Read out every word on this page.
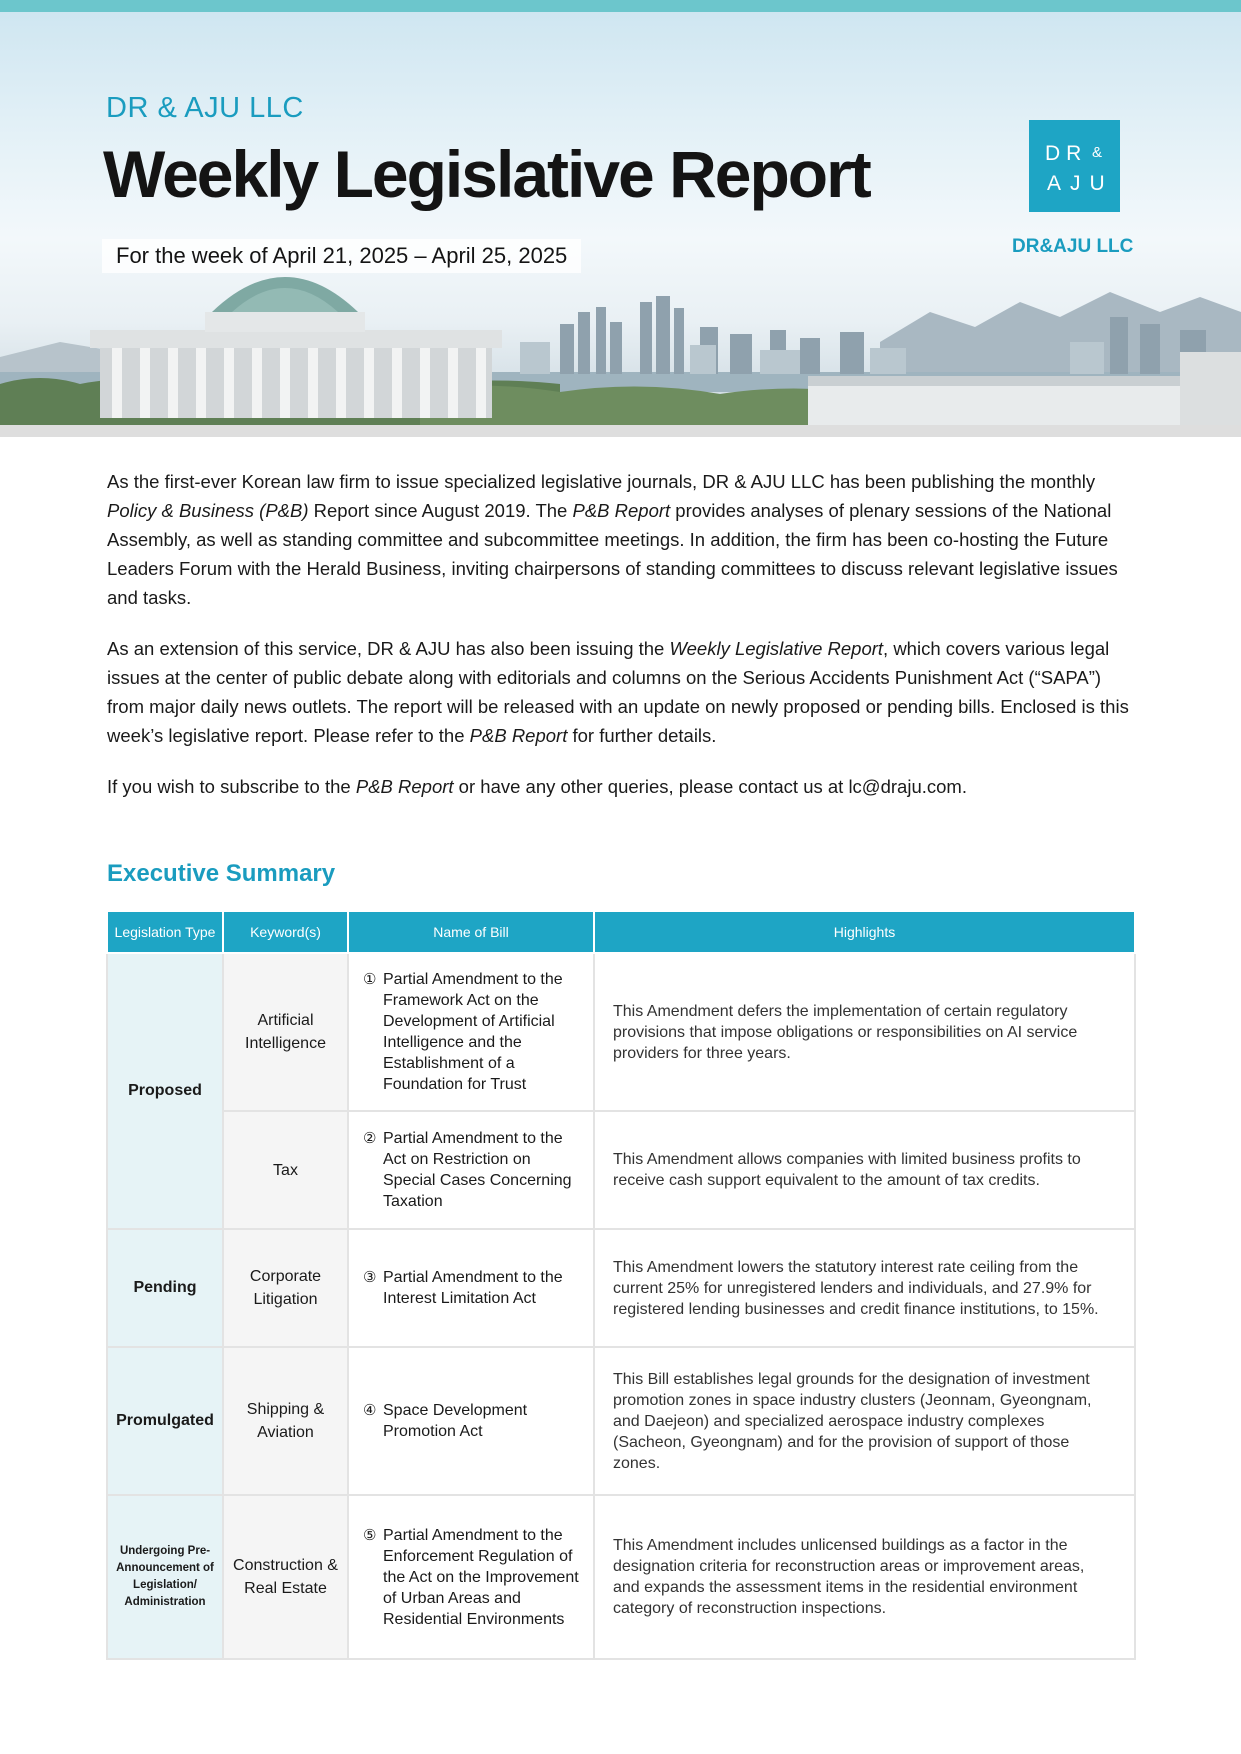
DR & AJU LLC
Weekly Legislative Report
For the week of April 21, 2025 – April 25, 2025
DR &
AJU
DR&AJU LLC

As the first-ever Korean law firm to issue specialized legislative journals, DR & AJU LLC has been publishing the monthly Policy & Business (P&B) Report since August 2019. The P&B Report provides analyses of plenary sessions of the National Assembly, as well as standing committee and subcommittee meetings. In addition, the firm has been co-hosting the Future Leaders Forum with the Herald Business, inviting chairpersons of standing committees to discuss relevant legislative issues and tasks.

As an extension of this service, DR & AJU has also been issuing the Weekly Legislative Report, which covers various legal issues at the center of public debate along with editorials and columns on the Serious Accidents Punishment Act (“SAPA”) from major daily news outlets. The report will be released with an update on newly proposed or pending bills. Enclosed is this week’s legislative report. Please refer to the P&B Report for further details.

If you wish to subscribe to the P&B Report or have any other queries, please contact us at lc@draju.com.

Executive Summary
Legislation Type	Keyword(s)	Name of Bill	Highlights
Proposed	Artificial Intelligence	① Partial Amendment to the Framework Act on the Development of Artificial Intelligence and the Establishment of a Foundation for Trust	This Amendment defers the implementation of certain regulatory provisions that impose obligations or responsibilities on AI service providers for three years.
	Tax	② Partial Amendment to the Act on Restriction on Special Cases Concerning Taxation	This Amendment allows companies with limited business profits to receive cash support equivalent to the amount of tax credits.
Pending	Corporate Litigation	③ Partial Amendment to the Interest Limitation Act	This Amendment lowers the statutory interest rate ceiling from the current 25% for unregistered lenders and individuals, and 27.9% for registered lending businesses and credit finance institutions, to 15%.
Promulgated	Shipping & Aviation	④ Space Development Promotion Act	This Bill establishes legal grounds for the designation of investment promotion zones in space industry clusters (Jeonnam, Gyeongnam, and Daejeon) and specialized aerospace industry complexes (Sacheon, Gyeongnam) and for the provision of support of those zones.
Undergoing Pre-Announcement of Legislation/ Administration	Construction & Real Estate	⑤ Partial Amendment to the Enforcement Regulation of the Act on the Improvement of Urban Areas and Residential Environments	This Amendment includes unlicensed buildings as a factor in the designation criteria for reconstruction areas or improvement areas, and expands the assessment items in the residential environment category of reconstruction inspections.
